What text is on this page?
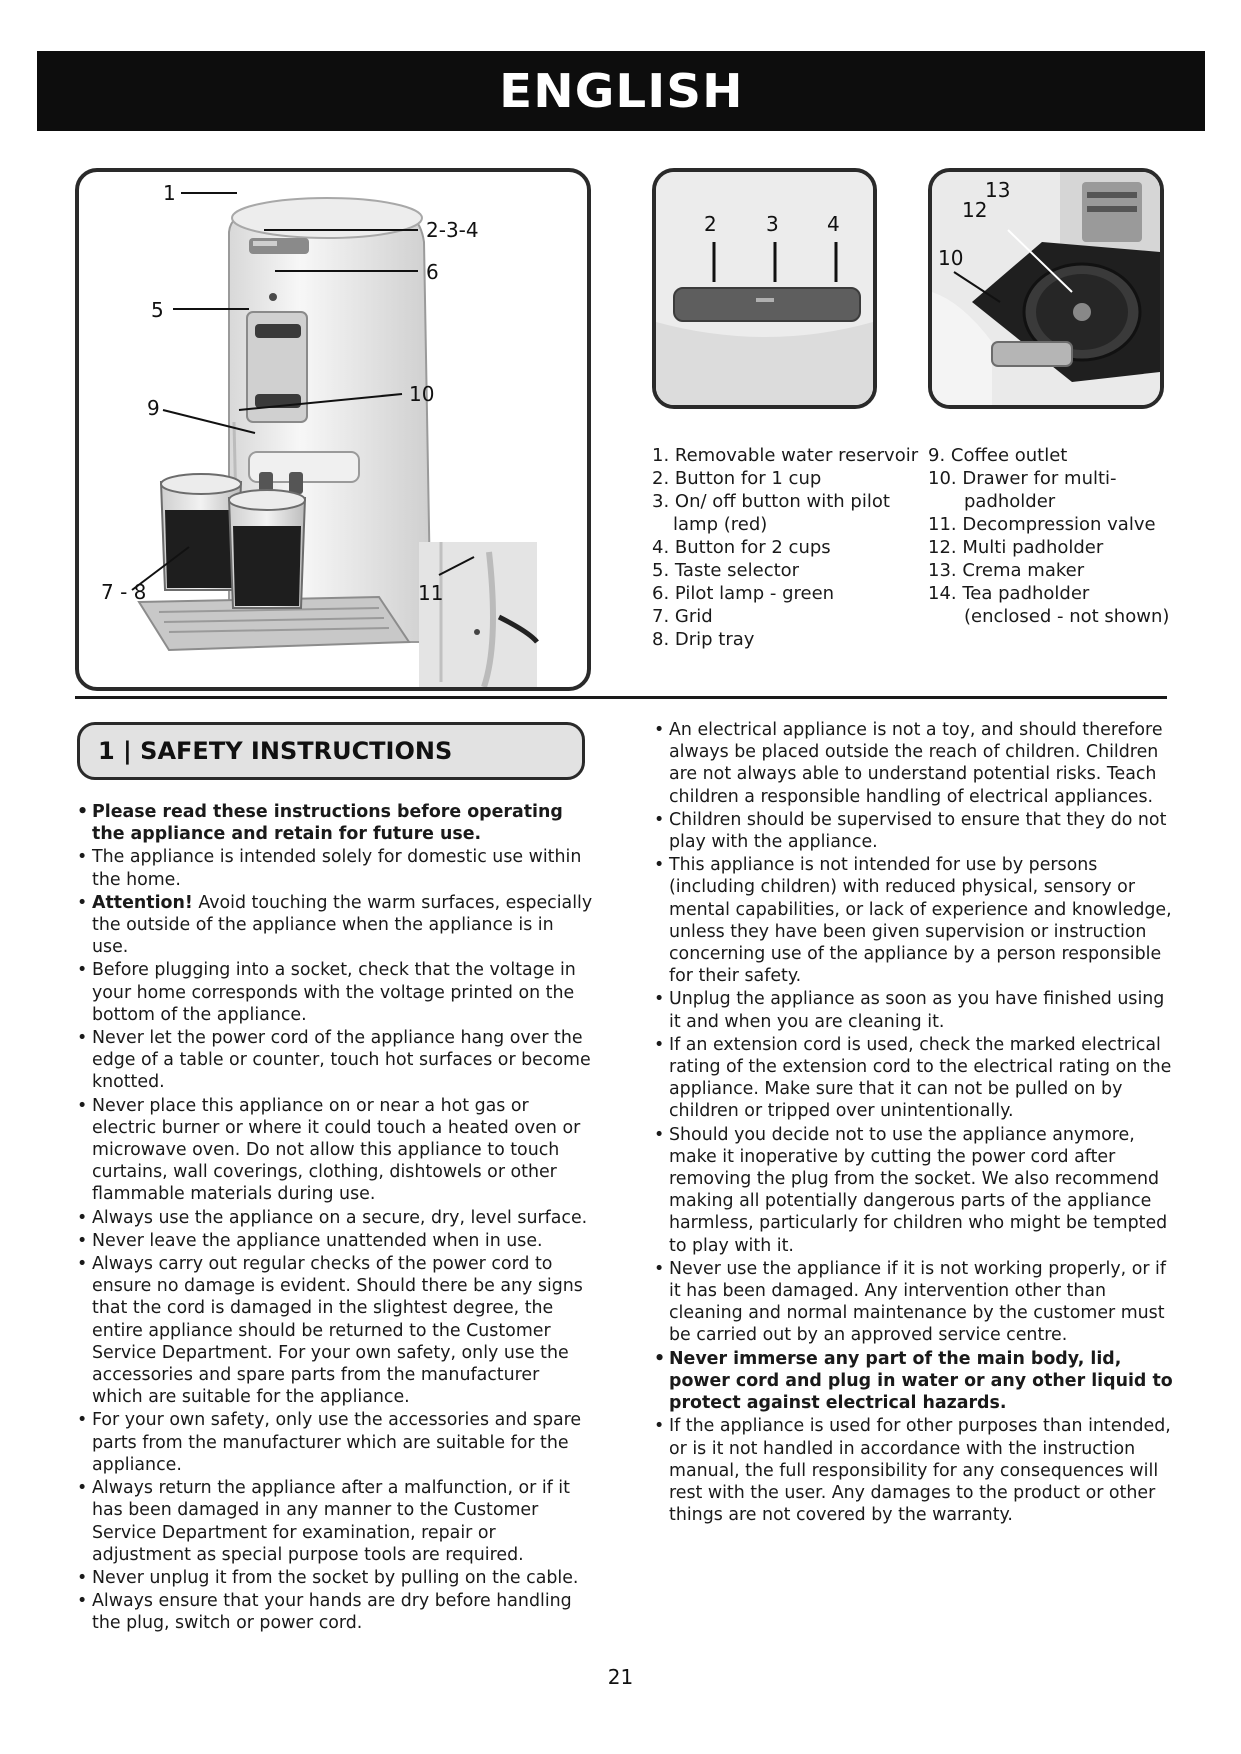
ENGLISH
1
2-3-4
6
5
9
10
7 - 8	11
2 3 4
13
12
10
1. Removable water reservoir
2. Button for 1 cup
3. On/ off button with pilot
lamp (red)
4. Button for 2 cups
5. Taste selector
6. Pilot lamp - green
7. Grid
8. Drip tray
9. Coffee outlet
10. Drawer for multi-
padholder
11. Decompression valve
12. Multi padholder
13. Crema maker
14. Tea padholder
(enclosed - not shown)
1 | SAFETY INSTRUCTIONS
• Please read these instructions before operating the appliance and retain for future use.
• The appliance is intended solely for domestic use within the home.
• Attention! Avoid touching the warm surfaces, especially the outside of the appliance when the appliance is in use.
• Before plugging into a socket, check that the voltage in your home corresponds with the voltage printed on the bottom of the appliance.
• Never let the power cord of the appliance hang over the edge of a table or counter, touch hot surfaces or become knotted.
• Never place this appliance on or near a hot gas or electric burner or where it could touch a heated oven or microwave oven. Do not allow this appliance to touch curtains, wall coverings, clothing, dishtowels or other flammable materials during use.
• Always use the appliance on a secure, dry, level surface.
• Never leave the appliance unattended when in use.
• Always carry out regular checks of the power cord to ensure no damage is evident. Should there be any signs that the cord is damaged in the slightest degree, the entire appliance should be returned to the Customer Service Department. For your own safety, only use the accessories and spare parts from the manufacturer which are suitable for the appliance.
• For your own safety, only use the accessories and spare parts from the manufacturer which are suitable for the appliance.
• Always return the appliance after a malfunction, or if it has been damaged in any manner to the Customer Service Department for examination, repair or adjustment as special purpose tools are required.
• Never unplug it from the socket by pulling on the cable.
• Always ensure that your hands are dry before handling the plug, switch or power cord.
• An electrical appliance is not a toy, and should therefore always be placed outside the reach of children. Children are not always able to understand potential risks. Teach children a responsible handling of electrical appliances.
• Children should be supervised to ensure that they do not play with the appliance.
• This appliance is not intended for use by persons (including children) with reduced physical, sensory or mental capabilities, or lack of experience and knowledge, unless they have been given supervision or instruction concerning use of the appliance by a person responsible for their safety.
• Unplug the appliance as soon as you have finished using it and when you are cleaning it.
• If an extension cord is used, check the marked electrical rating of the extension cord to the electrical rating on the appliance. Make sure that it can not be pulled on by children or tripped over unintentionally.
• Should you decide not to use the appliance anymore, make it inoperative by cutting the power cord after removing the plug from the socket. We also recommend making all potentially dangerous parts of the appliance harmless, particularly for children who might be tempted to play with it.
• Never use the appliance if it is not working properly, or if it has been damaged. Any intervention other than cleaning and normal maintenance by the customer must be carried out by an approved service centre.
• Never immerse any part of the main body, lid, power cord and plug in water or any other liquid to protect against electrical hazards.
• If the appliance is used for other purposes than intended, or is it not handled in accordance with the instruction manual, the full responsibility for any consequences will rest with the user. Any damages to the product or other things are not covered by the warranty.
21
